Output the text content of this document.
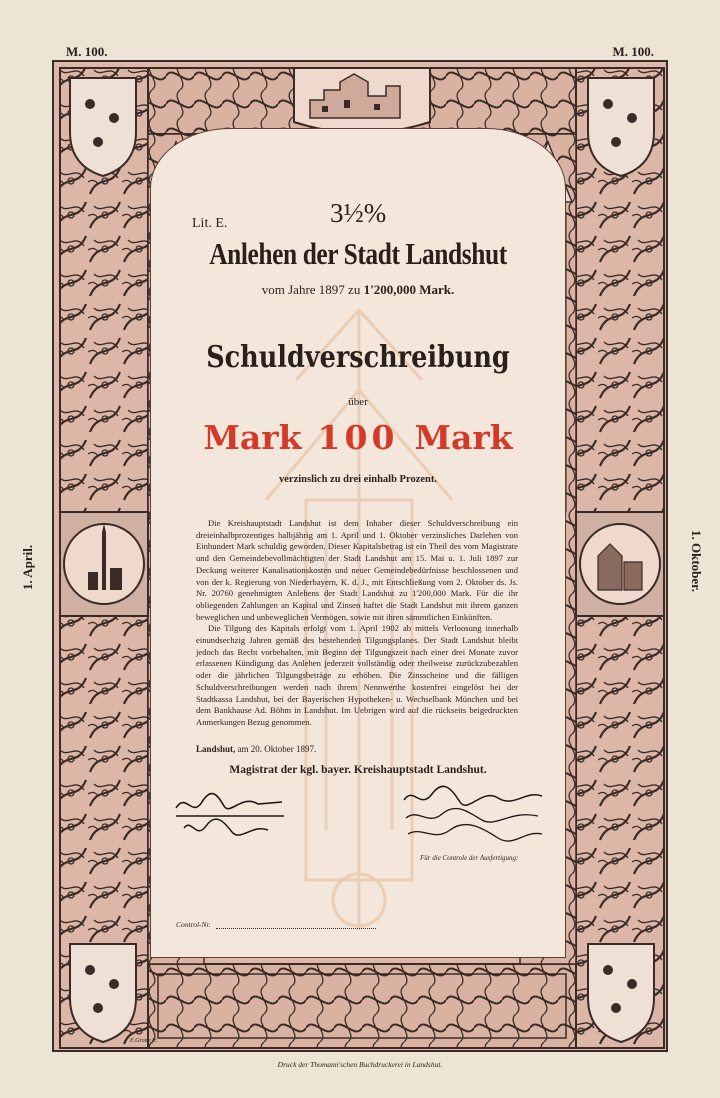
M. 100.	M. 100.
1. April.	1. Oktober.
Lit. E.	3½%
Anlehen der Stadt Landshut
vom Jahre 1897 zu 1'200,000 Mark.
Schuldverschreibung
über
Mark 100 Mark
verzinslich zu drei einhalb Prozent.

Die Kreishauptstadt Landshut ist dem Inhaber dieser Schuldverschreibung ein dreieinhalbprozentiges halbjährig am 1. April und 1. Oktober verzinsliches Darlehen von Einhundert Mark schuldig geworden. Dieser Kapitalsbetrag ist ein Theil des vom Magistrate und den Gemeindebevollmächtigten der Stadt Landshut am 15. Mai u. 1. Juli 1897 zur Deckung weiterer Kanalisationskosten und neuer Gemeindebedürfnisse beschlossenen und von der k. Regierung von Niederbayern, K. d. J., mit Entschließung vom 2. Oktober ds. Js. Nr. 20760 genehmigten Anlehens der Stadt Landshut zu 1'200,000 Mark. Für die ihr obliegenden Zahlungen an Kapital und Zinsen haftet die Stadt Landshut mit ihrem ganzen beweglichen und unbeweglichen Vermögen, sowie mit ihren sämmtlichen Einkünften.

Die Tilgung des Kapitals erfolgt vom 1. April 1902 ab mittels Verloosung innerhalb einundsechzig Jahren gemäß des bestehenden Tilgungsplanes. Der Stadt Landshut bleibt jedoch das Recht vorbehalten, mit Beginn der Tilgungszeit nach einer drei Monate zuvor erlassenen Kündigung das Anlehen jederzeit vollständig oder theilweise zurückzubezahlen oder die jährlichen Tilgungsbeträge zu erhöhen. Die Zinsscheine und die fälligen Schuldverschreibungen werden nach ihrem Nennwerthe kostenfrei eingelöst bei der Stadtkassa Landshut, bei der Bayerischen Hypotheken- u. Wechselbank München und bei dem Bankhause Ad. Böhm in Landshut. Im Uebrigen wird auf die rückseits beigedruckten Anmerkungen Bezug genommen.

Landshut, am 20. Oktober 1897.
Magistrat der kgl. bayer. Kreishauptstadt Landshut.
Für die Controle der Ausfertigung:
Control-Nr.
E.Grotte fc.
Druck der Thomann'schen Buchdruckerei in Landshut.
